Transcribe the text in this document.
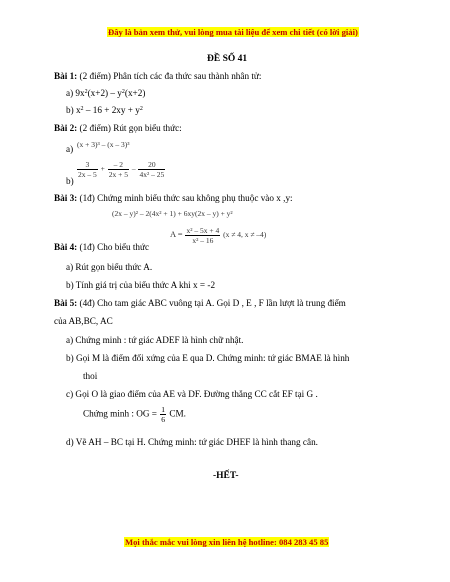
Đây là bản xem thử, vui lòng mua tài liệu để xem chi tiết (có lời giải)
ĐỀ SỐ 41
Bài 1: (2 điểm) Phân tích các đa thức sau thành nhân tử:
a) $9x^2(x+2) - y^2(x+2)$
b) $x^2 - 16 + 2xy + y^2$
Bài 2: (2 điểm) Rút gọn biểu thức:
a) (x + 3)³ – (x – 3)³
b)
$\frac{3}{2x - 5} + \frac{- 2}{2x + 5} - \frac{20}{\text{4x² – 25}}$
Bài 3: (1đ) Chứng minh biểu thức sau không phụ thuộc vào x ,y:
(2x – y)² – 2(4x² + 1) + 6xy(2x – y) + y²
Bài 4: (1đ) Cho biểu thức
$A = \frac{\text{x² – 5x + 4}}{\text{x² – 16}} (x \ne 4$, x ≠ –4)
a) Rút gọn biểu thức A.
b) Tính giá trị của biểu thức A khi x = -2
Bài 5: (4đ) Cho tam giác ABC vuông tại A. Gọi D , E , F lần lượt là trung điểm
của AB,BC, AC
a) Chứng minh : tứ giác ADEF là hình chữ nhật.
b) Gọi M là điểm đối xứng của E qua D. Chứng minh: tứ giác BMAE là hình
thoi
c) Gọi O là giao điểm của AE và DF. Đường thẳng CC cắt EF tại G .
Chứng minh : OG = $\frac{1}{6}$ CM.
d) Vẽ AH – BC tại H. Chứng minh: tứ giác DHEF là hình thang cân.
-HẾT-
Mọi thắc mắc vui lòng xin liên hệ hotline: 084 283 45 85
